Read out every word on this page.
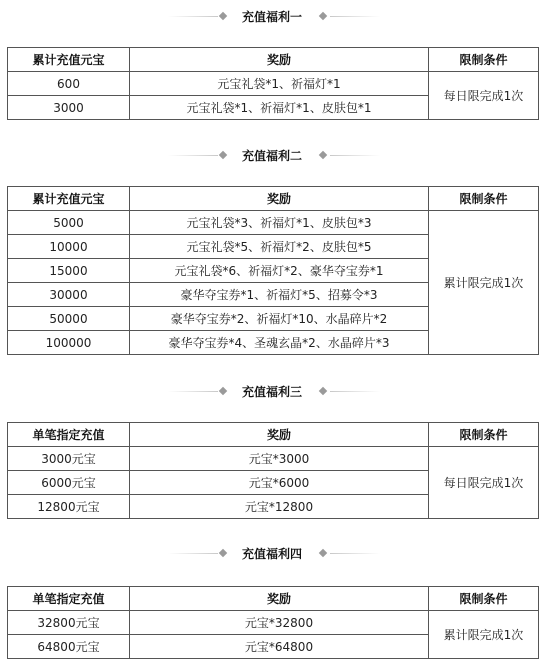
充值福利一
累计充值元宝	奖励	限制条件
600	元宝礼袋*1、祈福灯*1	每日限完成1次
3000	元宝礼袋*1、祈福灯*1、皮肤包*1	
充值福利二
累计充值元宝	奖励	限制条件
5000	元宝礼袋*3、祈福灯*1、皮肤包*3	累计限完成1次
10000	元宝礼袋*5、祈福灯*2、皮肤包*5	
15000	元宝礼袋*6、祈福灯*2、豪华夺宝券*1	
30000	豪华夺宝券*1、祈福灯*5、招募令*3	
50000	豪华夺宝券*2、祈福灯*10、水晶碎片*2	
100000	豪华夺宝券*4、圣魂玄晶*2、水晶碎片*3	
充值福利三
单笔指定充值	奖励	限制条件
3000元宝	元宝*3000	每日限完成1次
6000元宝	元宝*6000	
12800元宝	元宝*12800	
充值福利四
单笔指定充值	奖励	限制条件
32800元宝	元宝*32800	累计限完成1次
64800元宝	元宝*64800	
